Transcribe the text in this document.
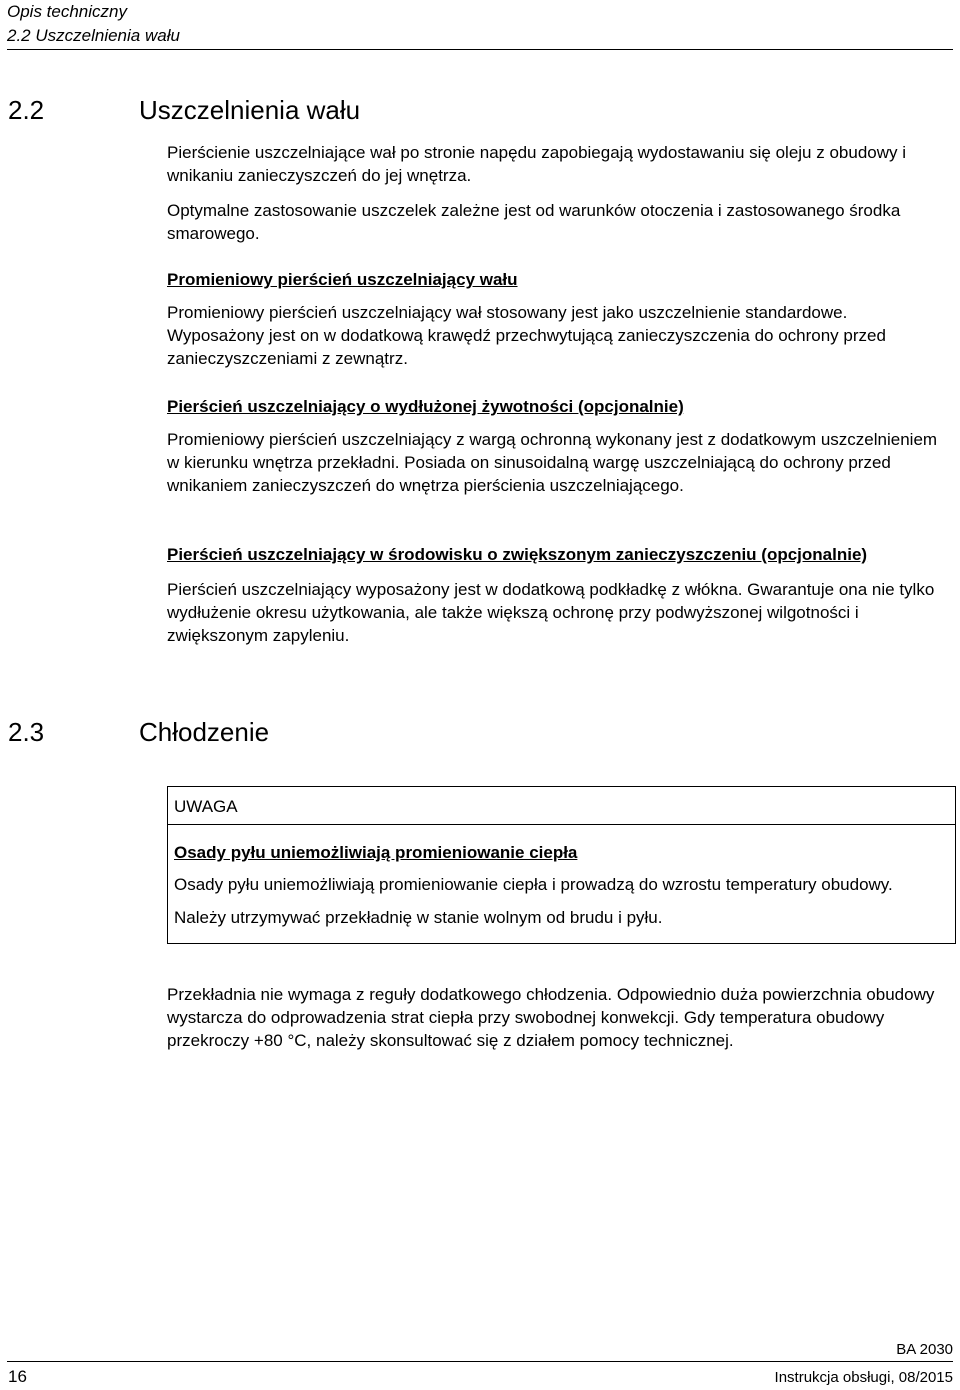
Opis techniczny

2.2 Uszczelnienia wału

2.2	Uszczelnienia wału

Pierścienie uszczelniające wał po stronie napędu zapobiegają wydostawaniu się oleju z obudowy i wnikaniu zanieczyszczeń do jej wnętrza.

Optymalne zastosowanie uszczelek zależne jest od warunków otoczenia i zastosowanego środka smarowego.

Promieniowy pierścień uszczelniający wału

Promieniowy pierścień uszczelniający wał stosowany jest jako uszczelnienie standardowe. Wyposażony jest on w dodatkową krawędź przechwytującą zanieczyszczenia do ochrony przed zanieczyszczeniami z zewnątrz.

Pierścień uszczelniający o wydłużonej żywotności (opcjonalnie)

Promieniowy pierścień uszczelniający z wargą ochronną wykonany jest z dodatkowym uszczelnieniem w kierunku wnętrza przekładni. Posiada on sinusoidalną wargę uszczelniającą do ochrony przed wnikaniem zanieczyszczeń do wnętrza pierścienia uszczelniającego.

Pierścień uszczelniający w środowisku o zwiększonym zanieczyszczeniu (opcjonalnie)

Pierścień uszczelniający wyposażony jest w dodatkową podkładkę z włókna. Gwarantuje ona nie tylko wydłużenie okresu użytkowania, ale także większą ochronę przy podwyższonej wilgotności i zwiększonym zapyleniu.

2.3	Chłodzenie

UWAGA

Osady pyłu uniemożliwiają promieniowanie ciepła

Osady pyłu uniemożliwiają promieniowanie ciepła i prowadzą do wzrostu temperatury obudowy.

Należy utrzymywać przekładnię w stanie wolnym od brudu i pyłu.

Przekładnia nie wymaga z reguły dodatkowego chłodzenia. Odpowiednio duża powierzchnia obudowy wystarcza do odprowadzenia strat ciepła przy swobodnej konwekcji. Gdy temperatura obudowy przekroczy +80 °C, należy skonsultować się z działem pomocy technicznej.

BA 2030
16	Instrukcja obsługi, 08/2015
